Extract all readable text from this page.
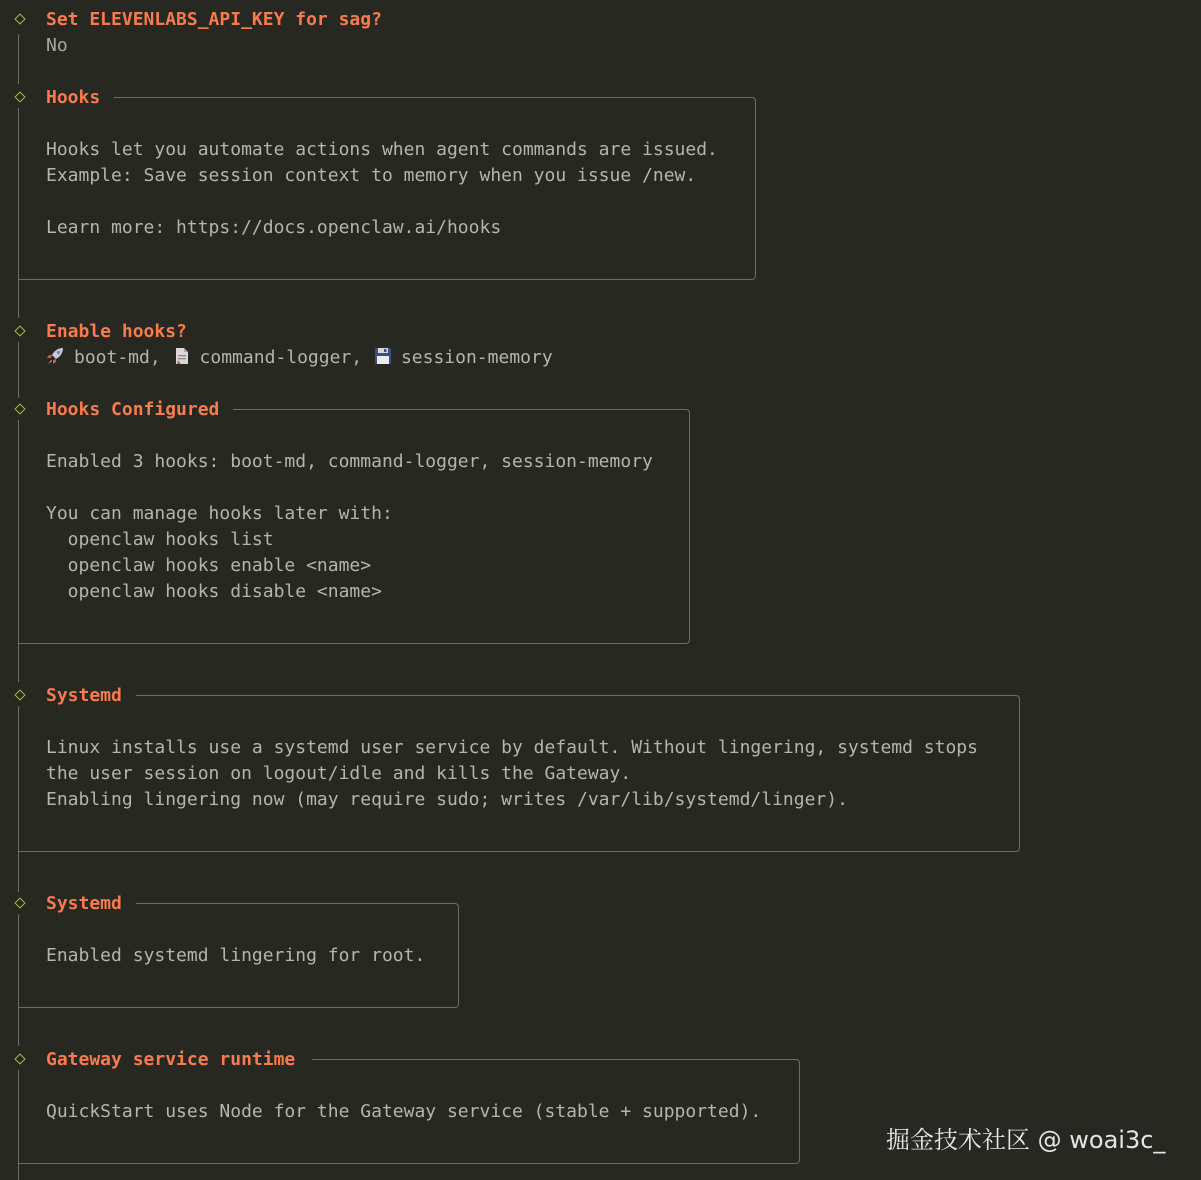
Set ELEVENLABS_API_KEY for sag?
No
Hooks
Hooks let you automate actions when agent commands are issued.
Example: Save session context to memory when you issue /new.
Learn more: https://docs.openclaw.ai/hooks
Enable hooks?
boot-md, command-logger, session-memory
Hooks Configured
Enabled 3 hooks: boot-md, command-logger, session-memory
You can manage hooks later with:
openclaw hooks list
openclaw hooks enable <name>
openclaw hooks disable <name>
Systemd
Linux installs use a systemd user service by default. Without lingering, systemd stops
the user session on logout/idle and kills the Gateway.
Enabling lingering now (may require sudo; writes /var/lib/systemd/linger).
Systemd
Enabled systemd lingering for root.
Gateway service runtime
QuickStart uses Node for the Gateway service (stable + supported).
掘金技术社区 @ woai3c_
